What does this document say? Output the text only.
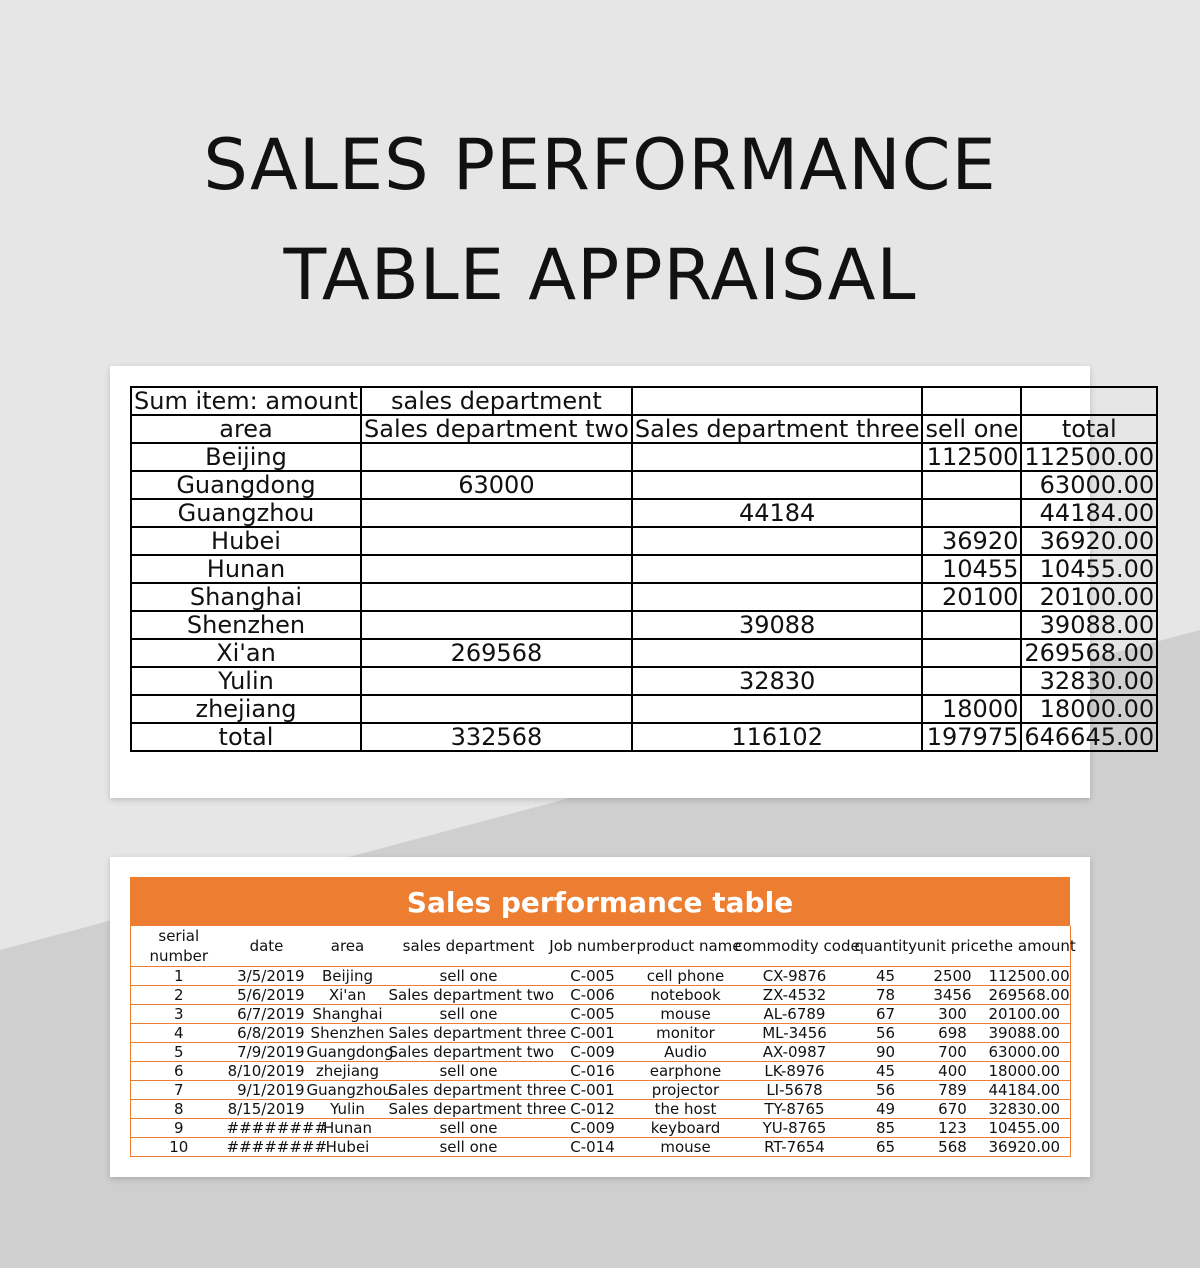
SALES PERFORMANCE
TABLE APPRAISAL
Sum item: amount	sales department			
area	Sales department two	Sales department three	sell one	total
Beijing			112500	112500.00
Guangdong	63000			63000.00
Guangzhou		44184		44184.00
Hubei			36920	36920.00
Hunan			10455	10455.00
Shanghai			20100	20100.00
Shenzhen		39088		39088.00
Xi'an	269568			269568.00
Yulin		32830		32830.00
zhejiang			18000	18000.00
total	332568	116102	197975	646645.00
Sales performance table
serial number	date	area	sales department	Job number	product name	commodity code	quantity	unit price	the amount
1	3/5/2019	Beijing	sell one	C-005	cell phone	CX-9876	45	2500	112500.00
2	5/6/2019	Xi'an	Sales department two	C-006	notebook	ZX-4532	78	3456	269568.00
3	6/7/2019	Shanghai	sell one	C-005	mouse	AL-6789	67	300	20100.00
4	6/8/2019	Shenzhen	Sales department three	C-001	monitor	ML-3456	56	698	39088.00
5	7/9/2019	Guangdong	Sales department two	C-009	Audio	AX-0987	90	700	63000.00
6	8/10/2019	zhejiang	sell one	C-016	earphone	LK-8976	45	400	18000.00
7	9/1/2019	Guangzhou	Sales department three	C-001	projector	LI-5678	56	789	44184.00
8	8/15/2019	Yulin	Sales department three	C-012	the host	TY-8765	49	670	32830.00
9	########	Hunan	sell one	C-009	keyboard	YU-8765	85	123	10455.00
10	########	Hubei	sell one	C-014	mouse	RT-7654	65	568	36920.00
